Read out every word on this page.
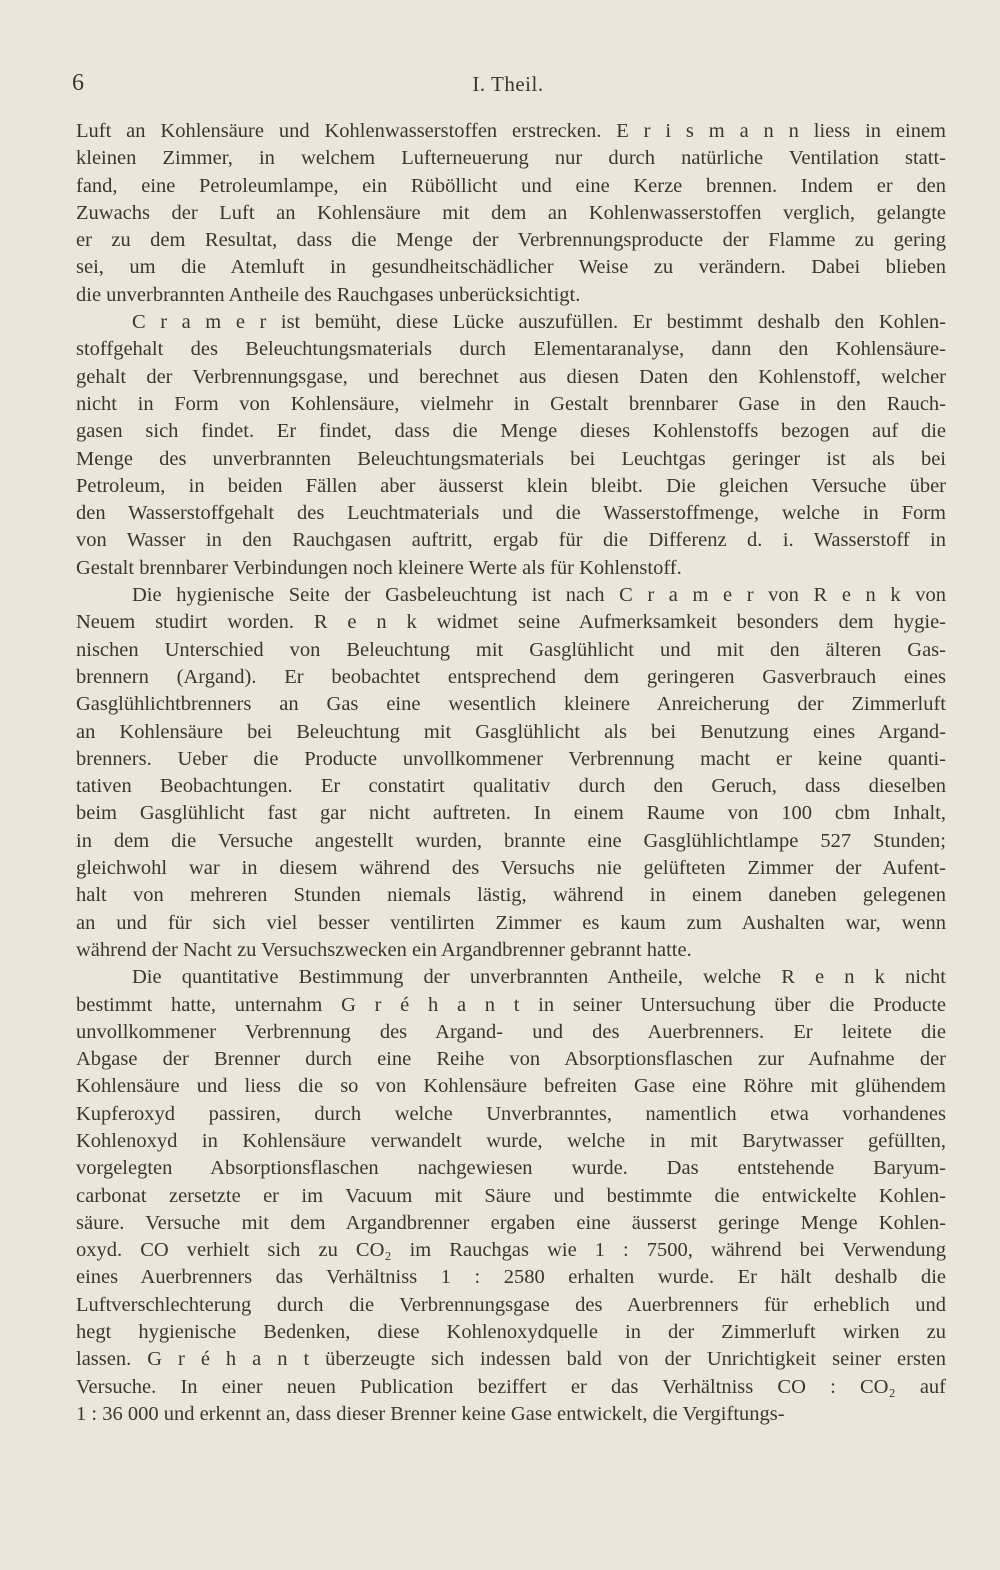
6	I. Theil.
Luft an Kohlensäure und Kohlenwasserstoffen erstrecken. E r i s m a n n liess in einem
kleinen Zimmer, in welchem Lufterneuerung nur durch natürliche Ventilation statt-
fand, eine Petroleumlampe, ein Rüböllicht und eine Kerze brennen. Indem er den
Zuwachs der Luft an Kohlensäure mit dem an Kohlenwasserstoffen verglich, gelangte
er zu dem Resultat, dass die Menge der Verbrennungsproducte der Flamme zu gering
sei, um die Atemluft in gesundheitschädlicher Weise zu verändern. Dabei blieben
die unverbrannten Antheile des Rauchgases unberücksichtigt.
C r a m e r ist bemüht, diese Lücke auszufüllen. Er bestimmt deshalb den Kohlen-
stoffgehalt des Beleuchtungsmaterials durch Elementaranalyse, dann den Kohlensäure-
gehalt der Verbrennungsgase, und berechnet aus diesen Daten den Kohlenstoff, welcher
nicht in Form von Kohlensäure, vielmehr in Gestalt brennbarer Gase in den Rauch-
gasen sich findet. Er findet, dass die Menge dieses Kohlenstoffs bezogen auf die
Menge des unverbrannten Beleuchtungsmaterials bei Leuchtgas geringer ist als bei
Petroleum, in beiden Fällen aber äusserst klein bleibt. Die gleichen Versuche über
den Wasserstoffgehalt des Leuchtmaterials und die Wasserstoffmenge, welche in Form
von Wasser in den Rauchgasen auftritt, ergab für die Differenz d. i. Wasserstoff in
Gestalt brennbarer Verbindungen noch kleinere Werte als für Kohlenstoff.
Die hygienische Seite der Gasbeleuchtung ist nach C r a m e r von R e n k von
Neuem studirt worden. R e n k widmet seine Aufmerksamkeit besonders dem hygie-
nischen Unterschied von Beleuchtung mit Gasglühlicht und mit den älteren Gas-
brennern (Argand). Er beobachtet entsprechend dem geringeren Gasverbrauch eines
Gasglühlichtbrenners an Gas eine wesentlich kleinere Anreicherung der Zimmerluft
an Kohlensäure bei Beleuchtung mit Gasglühlicht als bei Benutzung eines Argand-
brenners. Ueber die Producte unvollkommener Verbrennung macht er keine quanti-
tativen Beobachtungen. Er constatirt qualitativ durch den Geruch, dass dieselben
beim Gasglühlicht fast gar nicht auftreten. In einem Raume von 100 cbm Inhalt,
in dem die Versuche angestellt wurden, brannte eine Gasglühlichtlampe 527 Stunden;
gleichwohl war in diesem während des Versuchs nie gelüfteten Zimmer der Aufent-
halt von mehreren Stunden niemals lästig, während in einem daneben gelegenen
an und für sich viel besser ventilirten Zimmer es kaum zum Aushalten war, wenn
während der Nacht zu Versuchszwecken ein Argandbrenner gebrannt hatte.
Die quantitative Bestimmung der unverbrannten Antheile, welche R e n k nicht
bestimmt hatte, unternahm G r é h a n t in seiner Untersuchung über die Producte
unvollkommener Verbrennung des Argand- und des Auerbrenners. Er leitete die
Abgase der Brenner durch eine Reihe von Absorptionsflaschen zur Aufnahme der
Kohlensäure und liess die so von Kohlensäure befreiten Gase eine Röhre mit glühendem
Kupferoxyd passiren, durch welche Unverbranntes, namentlich etwa vorhandenes
Kohlenoxyd in Kohlensäure verwandelt wurde, welche in mit Barytwasser gefüllten,
vorgelegten Absorptionsflaschen nachgewiesen wurde. Das entstehende Baryum-
carbonat zersetzte er im Vacuum mit Säure und bestimmte die entwickelte Kohlen-
säure. Versuche mit dem Argandbrenner ergaben eine äusserst geringe Menge Kohlen-
oxyd. CO verhielt sich zu CO₂ im Rauchgas wie 1 : 7500, während bei Verwendung
eines Auerbrenners das Verhältniss 1 : 2580 erhalten wurde. Er hält deshalb die
Luftverschlechterung durch die Verbrennungsgase des Auerbrenners für erheblich und
hegt hygienische Bedenken, diese Kohlenoxydquelle in der Zimmerluft wirken zu
lassen. G r é h a n t überzeugte sich indessen bald von der Unrichtigkeit seiner ersten
Versuche. In einer neuen Publication beziffert er das Verhältniss CO : CO₂ auf
1 : 36 000 und erkennt an, dass dieser Brenner keine Gase entwickelt, die Vergiftungs-
